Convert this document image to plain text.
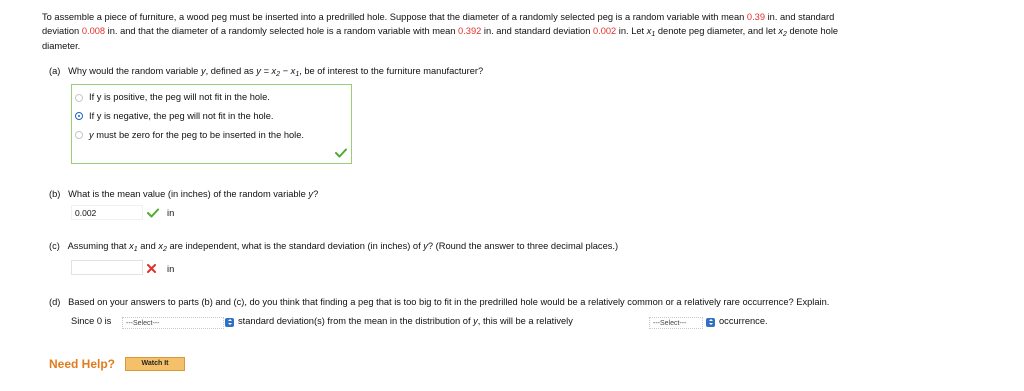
To assemble a piece of furniture, a wood peg must be inserted into a predrilled hole. Suppose that the diameter of a randomly selected peg is a random variable with mean 0.39 in. and standard
deviation 0.008 in. and that the diameter of a randomly selected hole is a random variable with mean 0.392 in. and standard deviation 0.002 in. Let $x_1$ denote peg diameter, and let $x_2$ denote hole
diameter.
(a) Why would the random variable y, defined as $y = x_2 - x_1$, be of interest to the furniture manufacturer?
If y is positive, the peg will not fit in the hole.
If y is negative, the peg will not fit in the hole.
y must be zero for the peg to be inserted in the hole.
(b) What is the mean value (in inches) of the random variable y?
0.002	in
(c) Assuming that $x_1$ and $x_2$ are independent, what is the standard deviation (in inches) of y? (Round the answer to three decimal places.)
in
(d) Based on your answers to parts (b) and (c), do you think that finding a peg that is too big to fit in the predrilled hole would be a relatively common or a relatively rare occurrence? Explain.
Since 0 is	---Select---	standard deviation(s) from the mean in the distribution of y, this will be a relatively	---Select---	occurrence.
Need Help?	Watch It
